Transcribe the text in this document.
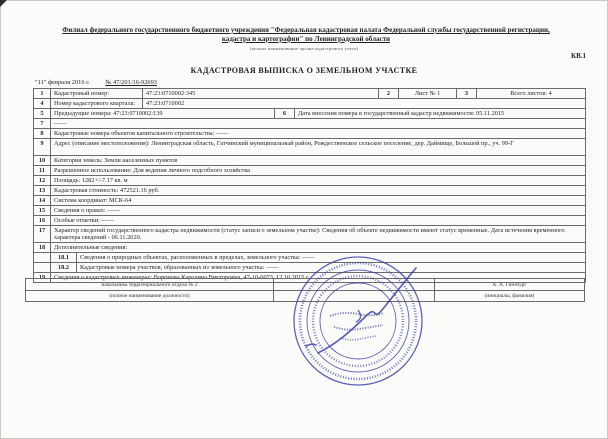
Филиал федерального государственного бюджетного учреждения "Федеральная кадастровая палата Федеральной службы государственной регистрации, кадастра и картографии" по Ленинградской области
(полное наименование органа кадастрового учета)
КВ.1
КАДАСТРОВАЯ ВЫПИСКА О ЗЕМЕЛЬНОМ УЧАСТКЕ
"11" февраля 2016 г. № 47/201/16-92693
1	Кадастровый номер:	47:23:0710002:345	2	Лист № 1	3	Всего листов: 4
4	Номер кадастрового квартала:	47:23:0710002
5	Предыдущие номера: 47:23:0710002:139	6	Дата внесения номера в государственный кадастр недвижимости: 05.11.2015
7	——
8	Кадастровые номера объектов капитального строительства: ——
9	Адрес (описание местоположения): Ленинградская область, Гатчинский муниципальный район, Рождественское сельское поселение, дер. Даймище, Большой пр., уч. 99-Г
10	Категория земель: Земли населенных пунктов
11	Разрешенное использование: Для ведения личного подсобного хозяйства
12	Площадь: 1282+/-7.17 кв. м
13	Кадастровая стоимость: 472521.16 руб.
14	Система координат: МСК-64
15	Сведения о правах: ——
16	Особые отметки: ——
17	Характер сведений государственного кадастра недвижимости (статус записи о земельном участке): Сведения об объекте недвижимости имеют статус временные. Дата истечения временного характера сведений - 06.11.2020.
18	Дополнительные сведения:
18.1	Сведения о природных объектах, расположенных в пределах, земельного участка: ——
18.2	Кадастровые номера участков, образованных из земельного участка: ——
19	Сведения о кадастровых инженерах: Воронова Каролина Викторовна, 47-10-0073, 12.10.2015 г.
начальника территориального отдела № 2	А. А. Гинзбург
(полное наименование должности)	(инициалы, фамилия)
